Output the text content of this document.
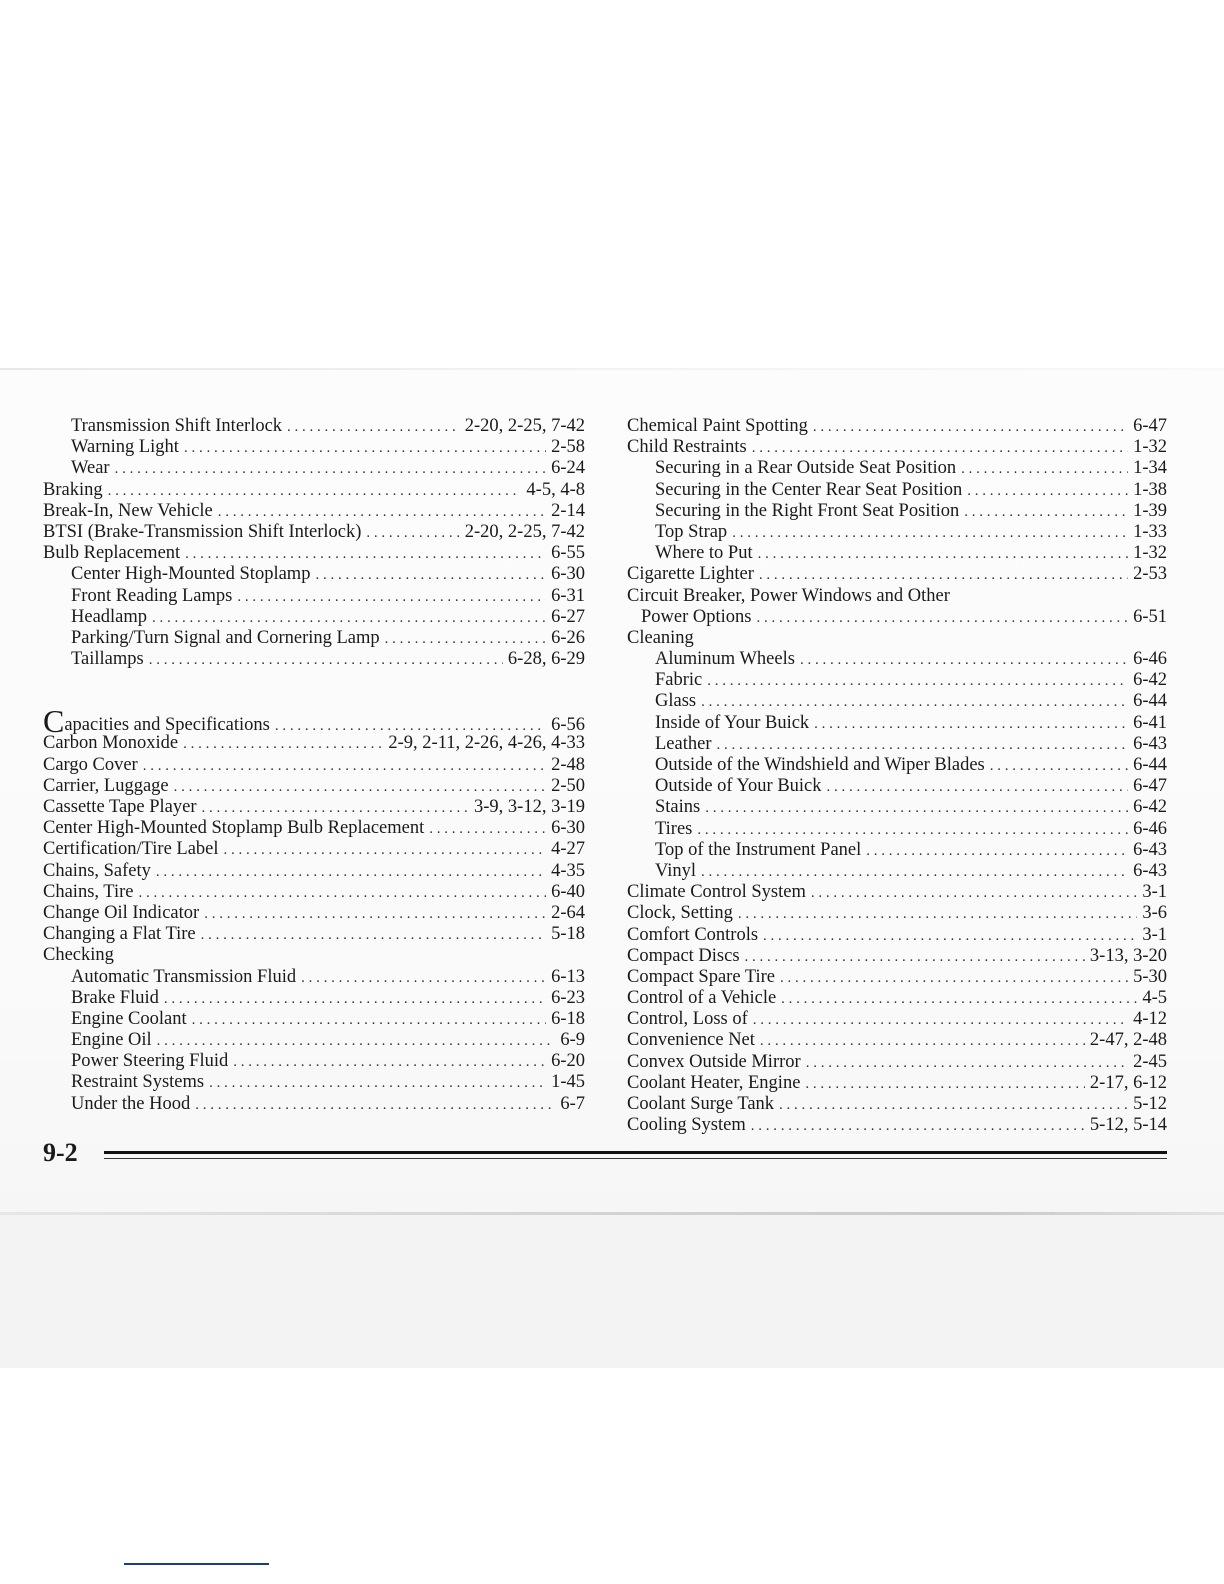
Transmission Shift Interlock . . .	2-20, 2-25, 7-42
Warning Light . . .	2-58
Wear . . .	6-24
Braking . . .	4-5, 4-8
Break-In, New Vehicle . . .	2-14
BTSI (Brake-Transmission Shift Interlock) . . .	2-20, 2-25, 7-42
Bulb Replacement . . .	6-55
Center High-Mounted Stoplamp . . .	6-30
Front Reading Lamps . . .	6-31
Headlamp . . .	6-27
Parking/Turn Signal and Cornering Lamp . . .	6-26
Taillamps . . .	6-28, 6-29
Capacities and Specifications . . .	6-56
Carbon Monoxide . . .	2-9, 2-11, 2-26, 4-26, 4-33
Cargo Cover . . .	2-48
Carrier, Luggage . . .	2-50
Cassette Tape Player . . .	3-9, 3-12, 3-19
Center High-Mounted Stoplamp Bulb Replacement . . .	6-30
Certification/Tire Label . . .	4-27
Chains, Safety . . .	4-35
Chains, Tire . . .	6-40
Change Oil Indicator . . .	2-64
Changing a Flat Tire . . .	5-18
Checking
Automatic Transmission Fluid . . .	6-13
Brake Fluid . . .	6-23
Engine Coolant . . .	6-18
Engine Oil . . .	6-9
Power Steering Fluid . . .	6-20
Restraint Systems . . .	1-45
Under the Hood . . .	6-7
Chemical Paint Spotting . . .	6-47
Child Restraints . . .	1-32
Securing in a Rear Outside Seat Position . . .	1-34
Securing in the Center Rear Seat Position . . .	1-38
Securing in the Right Front Seat Position . . .	1-39
Top Strap . . .	1-33
Where to Put . . .	1-32
Cigarette Lighter . . .	2-53
Circuit Breaker, Power Windows and Other
Power Options . . .	6-51
Cleaning
Aluminum Wheels . . .	6-46
Fabric . . .	6-42
Glass . . .	6-44
Inside of Your Buick . . .	6-41
Leather . . .	6-43
Outside of the Windshield and Wiper Blades . . .	6-44
Outside of Your Buick . . .	6-47
Stains . . .	6-42
Tires . . .	6-46
Top of the Instrument Panel . . .	6-43
Vinyl . . .	6-43
Climate Control System . . .	3-1
Clock, Setting . . .	3-6
Comfort Controls . . .	3-1
Compact Discs . . .	3-13, 3-20
Compact Spare Tire . . .	5-30
Control of a Vehicle . . .	4-5
Control, Loss of . . .	4-12
Convenience Net . . .	2-47, 2-48
Convex Outside Mirror . . .	2-45
Coolant Heater, Engine . . .	2-17, 6-12
Coolant Surge Tank . . .	5-12
Cooling System . . .	5-12, 5-14
9-2
